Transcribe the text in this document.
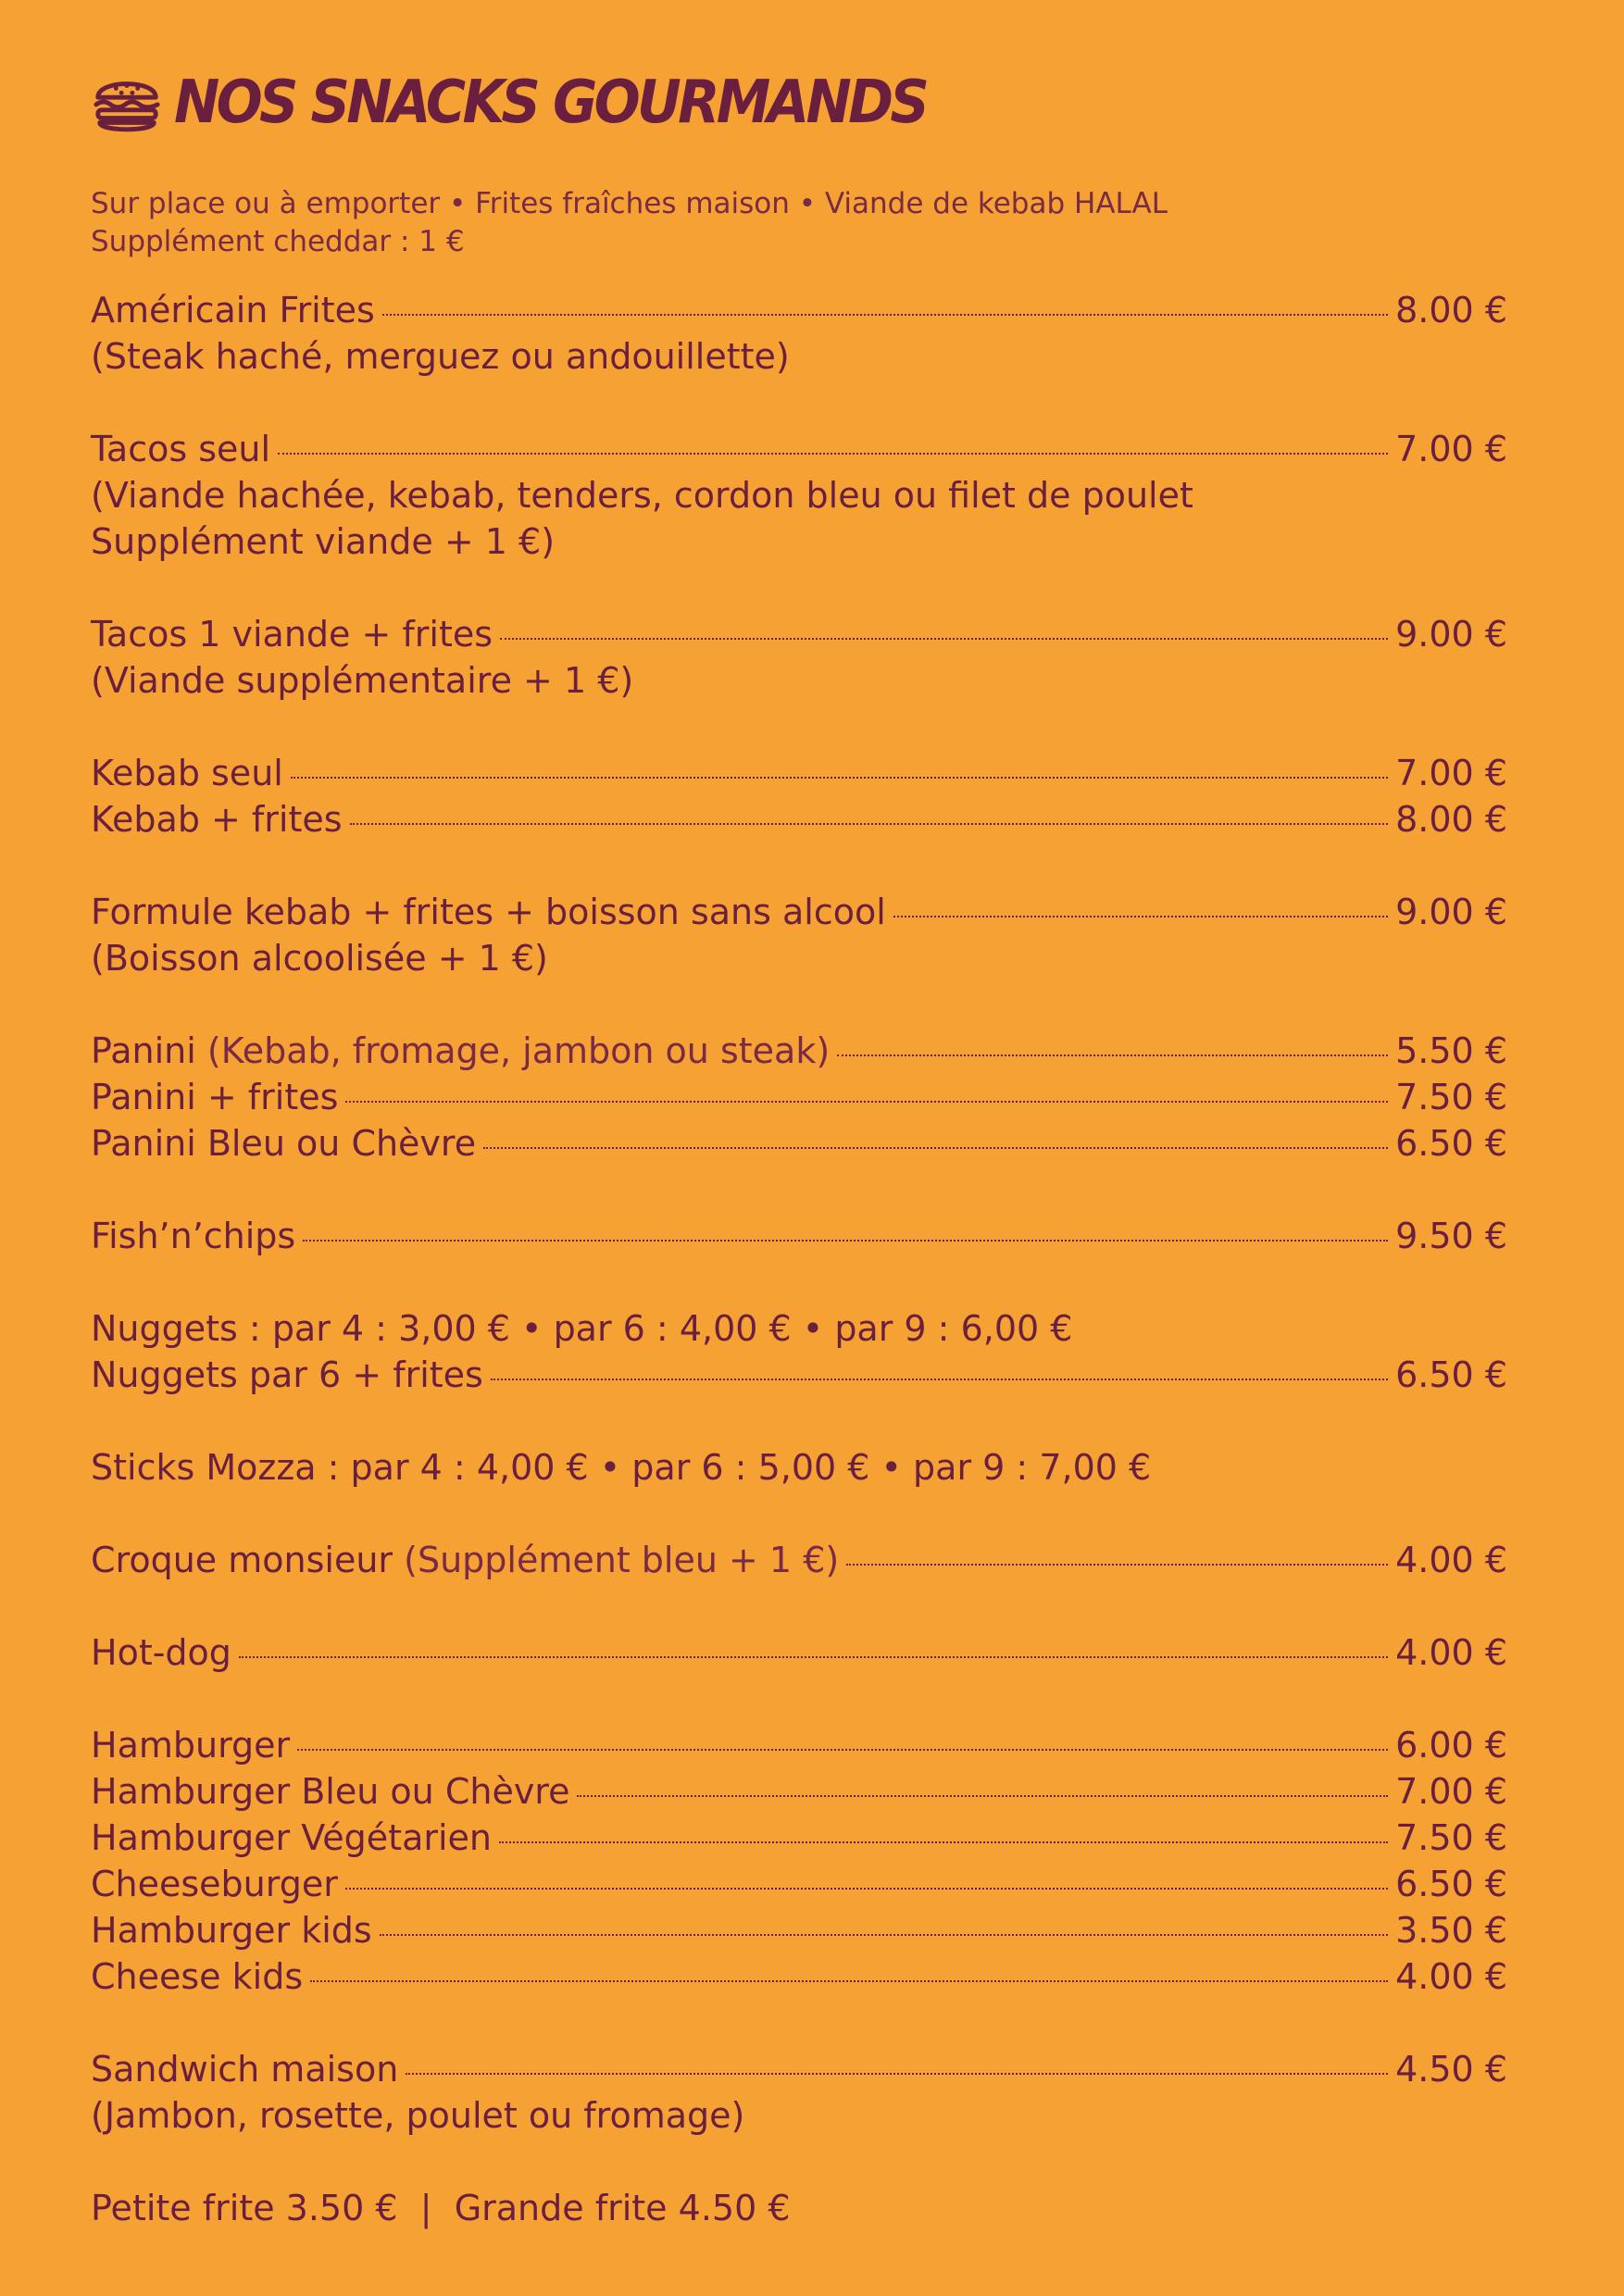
NOS SNACKS GOURMANDS
Sur place ou à emporter • Frites fraîches maison • Viande de kebab HALAL
Supplément cheddar : 1 €
Américain Frites	8.00 €
(Steak haché, merguez ou andouillette)
Tacos seul	7.00 €
(Viande hachée, kebab, tenders, cordon bleu ou filet de poulet
Supplément viande + 1 €)
Tacos 1 viande + frites	9.00 €
(Viande supplémentaire + 1 €)
Kebab seul	7.00 €
Kebab + frites	8.00 €
Formule kebab + frites + boisson sans alcool	9.00 €
(Boisson alcoolisée + 1 €)
Panini
(Kebab, fromage, jambon ou steak)	5.50 €
Panini + frites	7.50 €
Panini Bleu ou Chèvre	6.50 €
Fish’n’chips	9.50 €
Nuggets : par 4 : 3,00 € • par 6 : 4,00 € • par 9 : 6,00 €
Nuggets par 6 + frites	6.50 €
Sticks Mozza : par 4 : 4,00 € • par 6 : 5,00 € • par 9 : 7,00 €
Croque monsieur
(Supplément bleu + 1 €)	4.00 €
Hot-dog	4.00 €
Hamburger	6.00 €
Hamburger Bleu ou Chèvre	7.00 €
Hamburger Végétarien	7.50 €
Cheeseburger	6.50 €
Hamburger kids	3.50 €
Cheese kids	4.00 €
Sandwich maison	4.50 €
(Jambon, rosette, poulet ou fromage)
Petite frite 3.50 € | Grande frite 4.50 €
